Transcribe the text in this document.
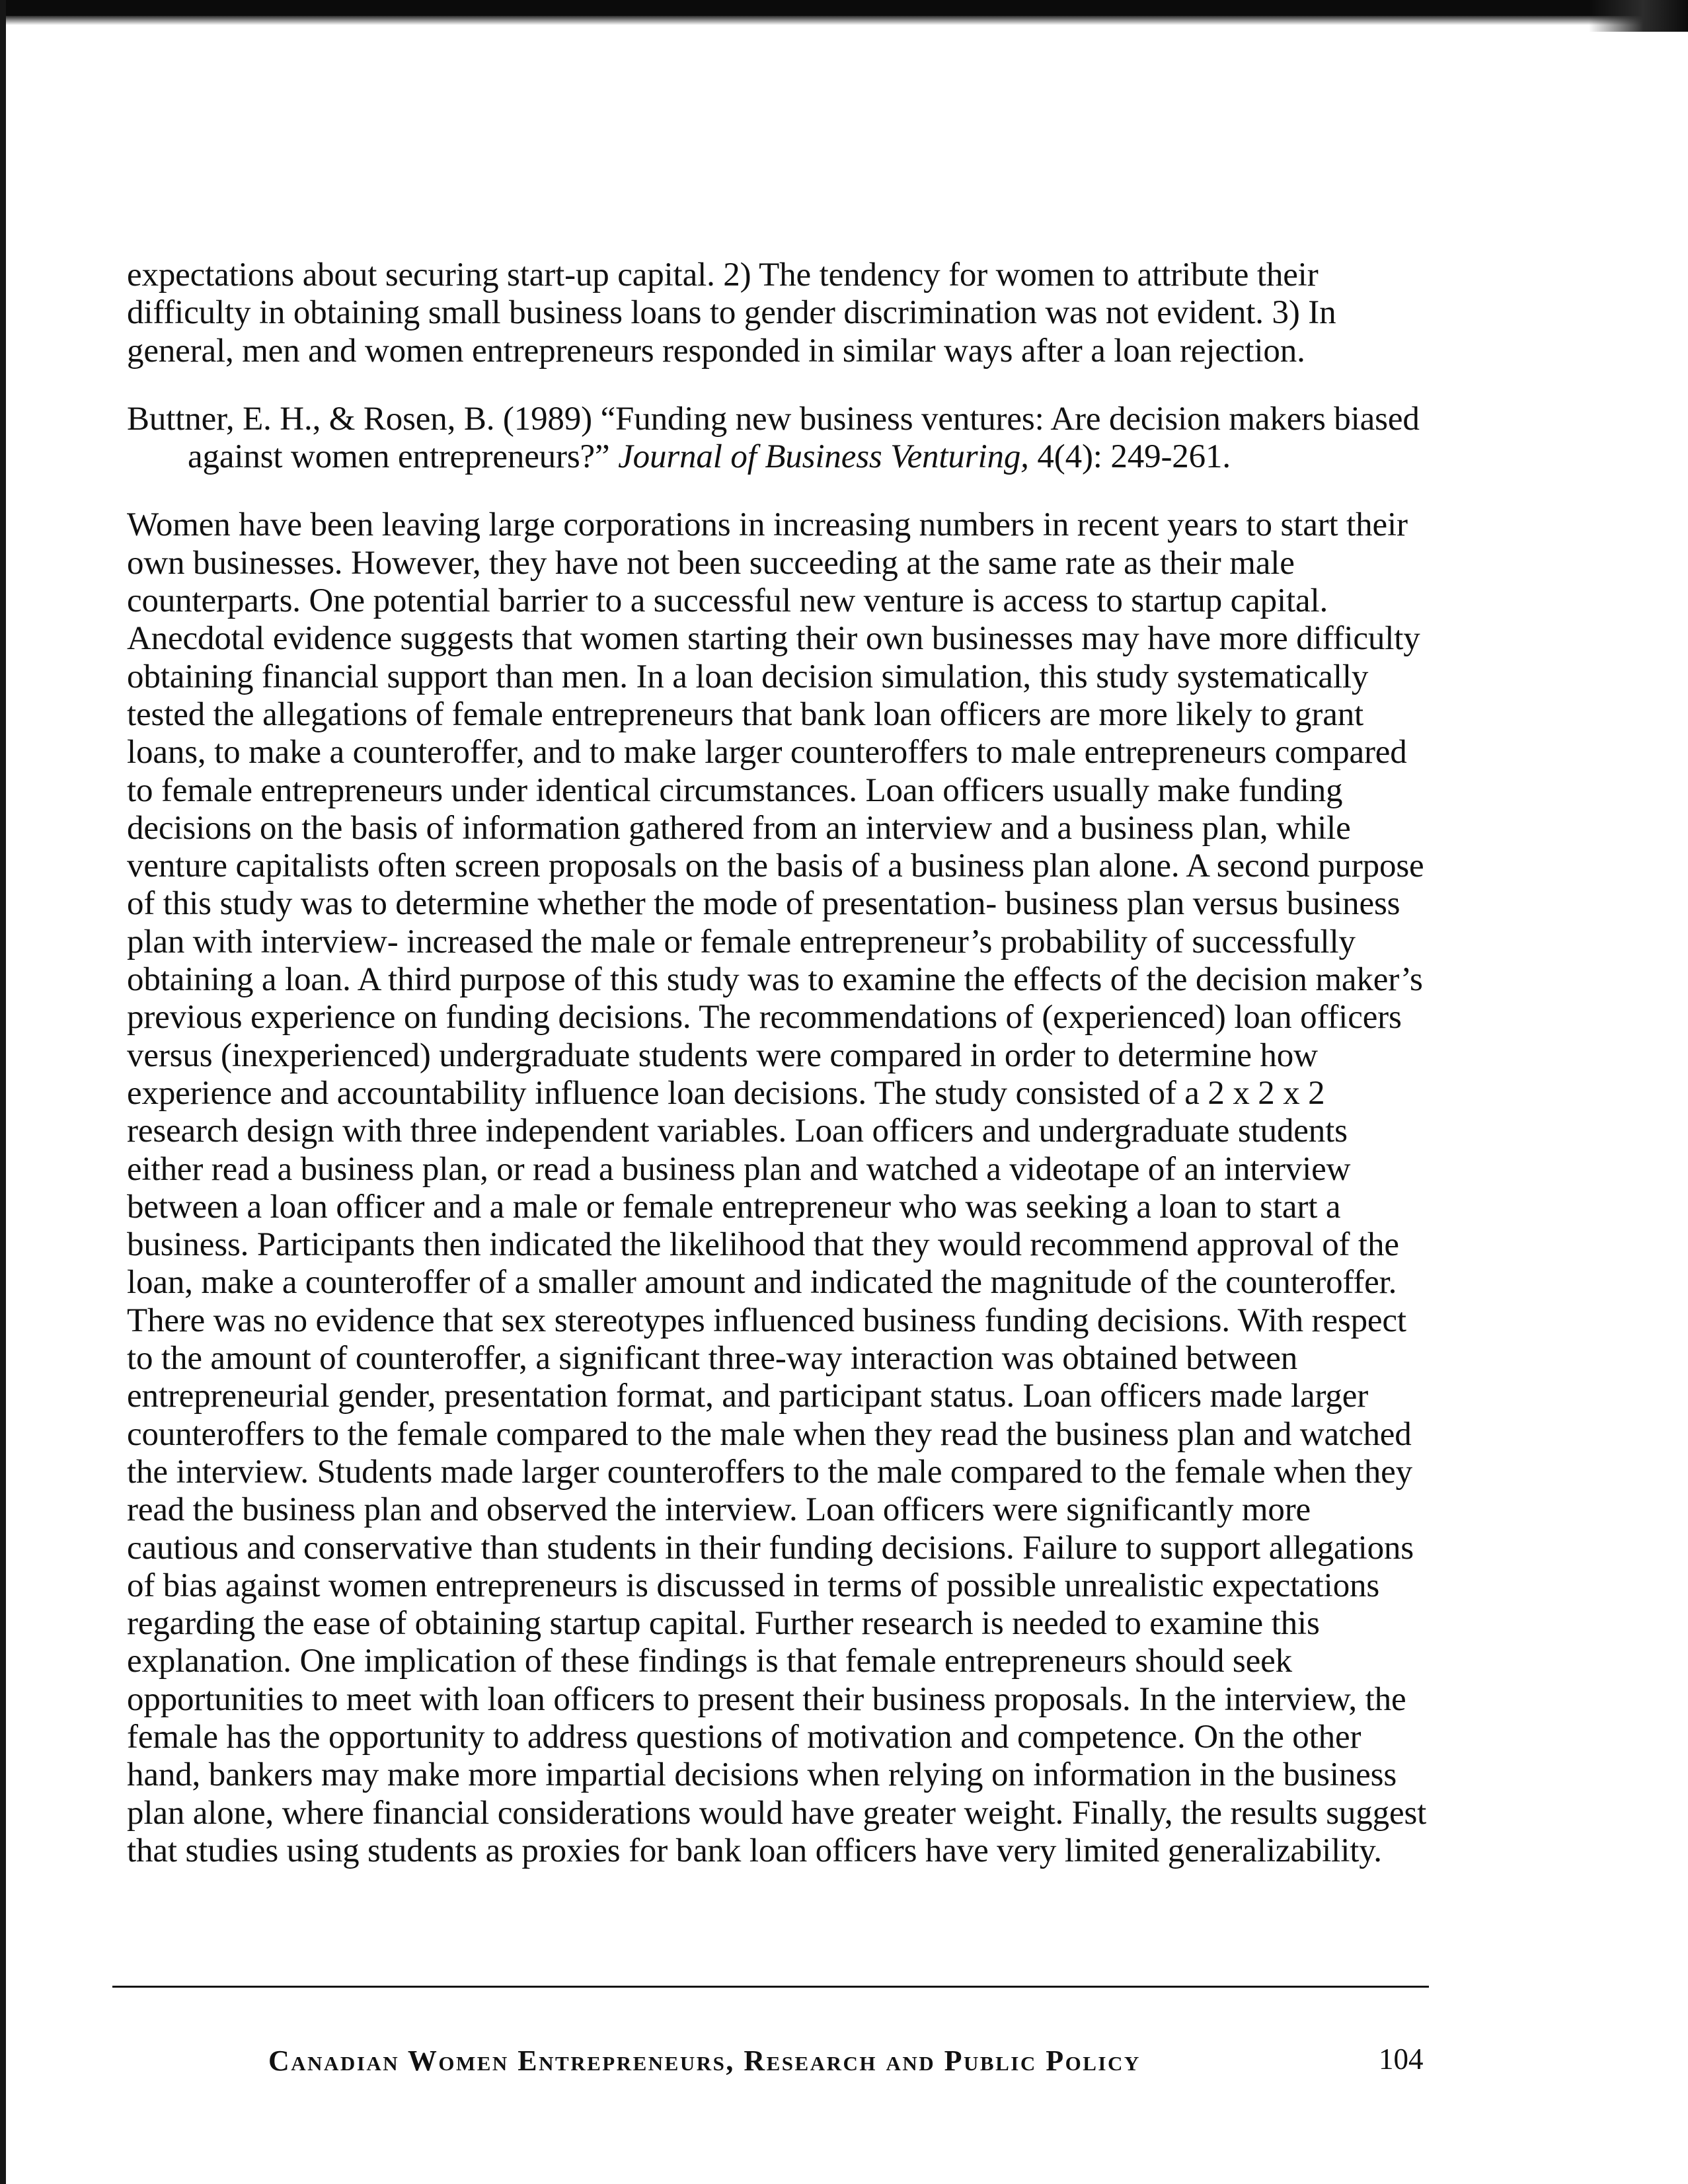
expectations about securing start-up capital. 2) The tendency for women to attribute their difficulty in obtaining small business loans to gender discrimination was not evident. 3) In general, men and women entrepreneurs responded in similar ways after a loan rejection.

Buttner, E. H., & Rosen, B. (1989) “Funding new business ventures: Are decision makers biased against women entrepreneurs?” Journal of Business Venturing, 4(4): 249-261.

Women have been leaving large corporations in increasing numbers in recent years to start their own businesses. However, they have not been succeeding at the same rate as their male counterparts. One potential barrier to a successful new venture is access to startup capital. Anecdotal evidence suggests that women starting their own businesses may have more difficulty obtaining financial support than men. In a loan decision simulation, this study systematically tested the allegations of female entrepreneurs that bank loan officers are more likely to grant loans, to make a counteroffer, and to make larger counteroffers to male entrepreneurs compared to female entrepreneurs under identical circumstances. Loan officers usually make funding decisions on the basis of information gathered from an interview and a business plan, while venture capitalists often screen proposals on the basis of a business plan alone. A second purpose of this study was to determine whether the mode of presentation- business plan versus business plan with interview- increased the male or female entrepreneur’s probability of successfully obtaining a loan. A third purpose of this study was to examine the effects of the decision maker’s previous experience on funding decisions. The recommendations of (experienced) loan officers versus (inexperienced) undergraduate students were compared in order to determine how experience and accountability influence loan decisions. The study consisted of a 2 x 2 x 2 research design with three independent variables. Loan officers and undergraduate students either read a business plan, or read a business plan and watched a videotape of an interview between a loan officer and a male or female entrepreneur who was seeking a loan to start a business. Participants then indicated the likelihood that they would recommend approval of the loan, make a counteroffer of a smaller amount and indicated the magnitude of the counteroffer. There was no evidence that sex stereotypes influenced business funding decisions. With respect to the amount of counteroffer, a significant three-way interaction was obtained between entrepreneurial gender, presentation format, and participant status. Loan officers made larger counteroffers to the female compared to the male when they read the business plan and watched the interview. Students made larger counteroffers to the male compared to the female when they read the business plan and observed the interview. Loan officers were significantly more cautious and conservative than students in their funding decisions. Failure to support allegations of bias against women entrepreneurs is discussed in terms of possible unrealistic expectations regarding the ease of obtaining startup capital. Further research is needed to examine this explanation. One implication of these findings is that female entrepreneurs should seek opportunities to meet with loan officers to present their business proposals. In the interview, the female has the opportunity to address questions of motivation and competence. On the other hand, bankers may make more impartial decisions when relying on information in the business plan alone, where financial considerations would have greater weight. Finally, the results suggest that studies using students as proxies for bank loan officers have very limited generalizability.

Canadian Women Entrepreneurs, Research and Public Policy	104
